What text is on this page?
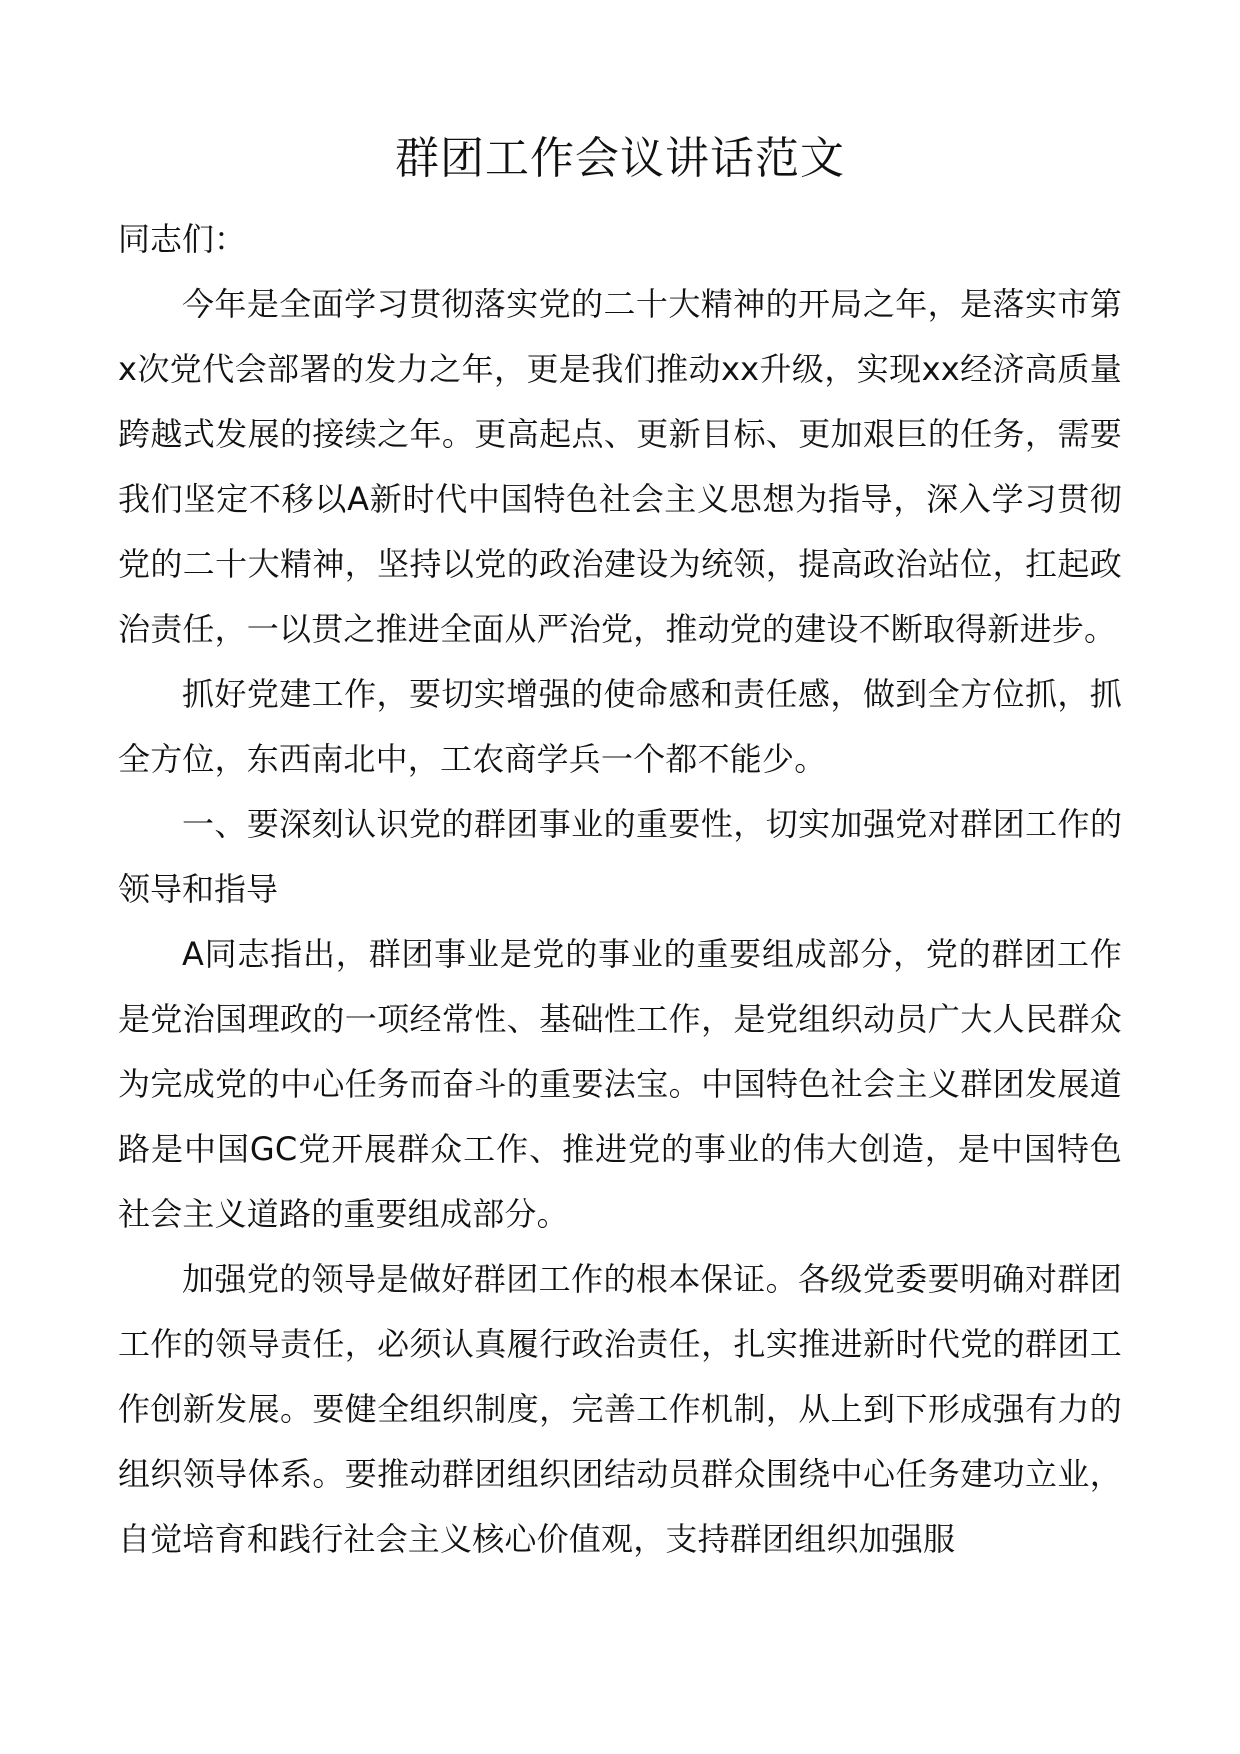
群团工作会议讲话范文

同志们：

今年是全面学习贯彻落实党的二十大精神的开局之年，是落实市第x次党代会部署的发力之年，更是我们推动xx升级，实现xx经济高质量跨越式发展的接续之年。更高起点、更新目标、更加艰巨的任务，需要我们坚定不移以A新时代中国特色社会主义思想为指导，深入学习贯彻党的二十大精神，坚持以党的政治建设为统领，提高政治站位，扛起政治责任，一以贯之推进全面从严治党，推动党的建设不断取得新进步。

抓好党建工作，要切实增强的使命感和责任感，做到全方位抓，抓全方位，东西南北中，工农商学兵一个都不能少。

一、要深刻认识党的群团事业的重要性，切实加强党对群团工作的领导和指导

A同志指出，群团事业是党的事业的重要组成部分，党的群团工作是党治国理政的一项经常性、基础性工作，是党组织动员广大人民群众为完成党的中心任务而奋斗的重要法宝。中国特色社会主义群团发展道路是中国GC党开展群众工作、推进党的事业的伟大创造，是中国特色社会主义道路的重要组成部分。

加强党的领导是做好群团工作的根本保证。各级党委要明确对群团工作的领导责任，必须认真履行政治责任，扎实推进新时代党的群团工作创新发展。要健全组织制度，完善工作机制，从上到下形成强有力的组织领导体系。要推动群团组织团结动员群众围绕中心任务建功立业，自觉培育和践行社会主义核心价值观，支持群团组织加强服
